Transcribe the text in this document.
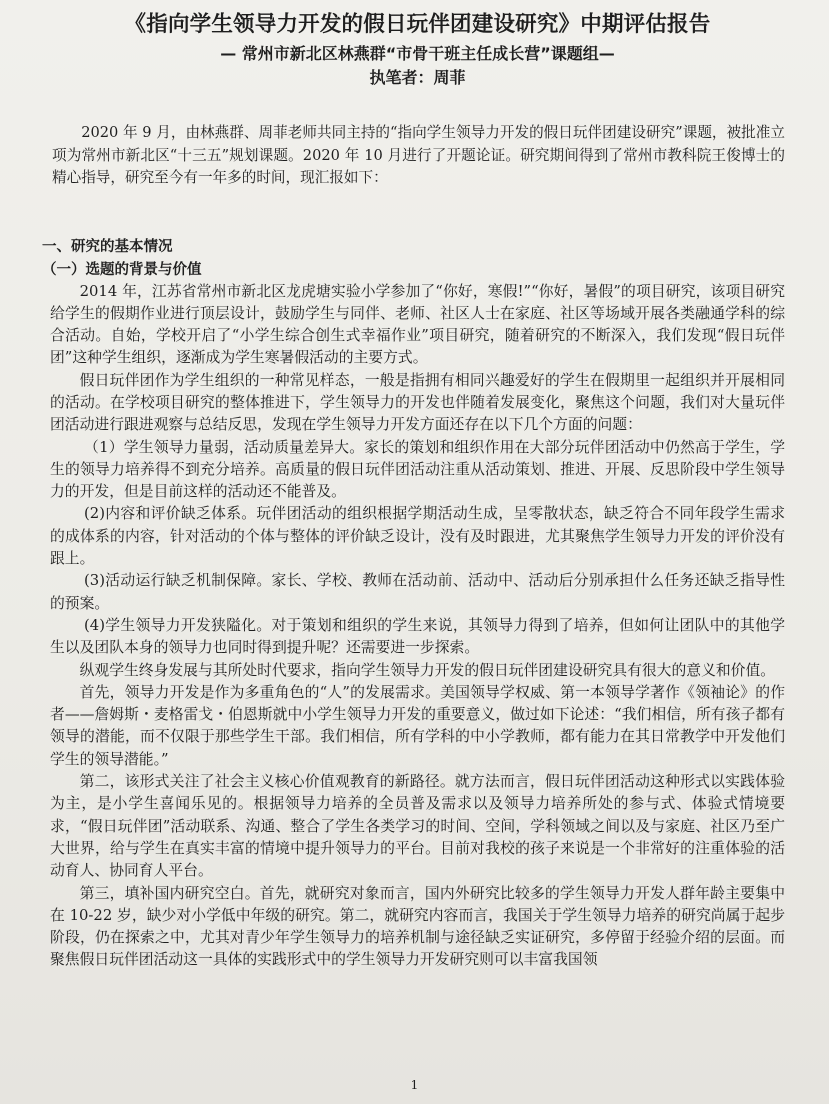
《指向学生领导力开发的假日玩伴团建设研究》中期评估报告
— 常州市新北区林燕群“市骨干班主任成长营”课题组—
执笔者：周菲

2020 年 9 月，由林燕群、周菲老师共同主持的“指向学生领导力开发的假日玩伴团建设研究”课题，被批准立项为常州市新北区“十三五”规划课题。2020 年 10 月进行了开题论证。研究期间得到了常州市教科院王俊博士的精心指导，研究至今有一年多的时间，现汇报如下：

一、研究的基本情况
（一）选题的背景与价值

2014 年，江苏省常州市新北区龙虎塘实验小学参加了“你好，寒假!”“你好，暑假”的项目研究，该项目研究给学生的假期作业进行顶层设计，鼓励学生与同伴、老师、社区人士在家庭、社区等场域开展各类融通学科的综合活动。自始，学校开启了“小学生综合创生式幸福作业”项目研究，随着研究的不断深入，我们发现“假日玩伴团”这种学生组织，逐渐成为学生寒暑假活动的主要方式。

假日玩伴团作为学生组织的一种常见样态，一般是指拥有相同兴趣爱好的学生在假期里一起组织并开展相同的活动。在学校项目研究的整体推进下，学生领导力的开发也伴随着发展变化，聚焦这个问题，我们对大量玩伴团活动进行跟进观察与总结反思，发现在学生领导力开发方面还存在以下几个方面的问题：

（1）学生领导力量弱，活动质量差异大。家长的策划和组织作用在大部分玩伴团活动中仍然高于学生，学生的领导力培养得不到充分培养。高质量的假日玩伴团活动注重从活动策划、推进、开展、反思阶段中学生领导力的开发，但是目前这样的活动还不能普及。

(2)内容和评价缺乏体系。玩伴团活动的组织根据学期活动生成，呈零散状态，缺乏符合不同年段学生需求的成体系的内容，针对活动的个体与整体的评价缺乏设计，没有及时跟进，尤其聚焦学生领导力开发的评价没有跟上。

(3)活动运行缺乏机制保障。家长、学校、教师在活动前、活动中、活动后分别承担什么任务还缺乏指导性的预案。

(4)学生领导力开发狭隘化。对于策划和组织的学生来说，其领导力得到了培养，但如何让团队中的其他学生以及团队本身的领导力也同时得到提升呢？还需要进一步探索。

纵观学生终身发展与其所处时代要求，指向学生领导力开发的假日玩伴团建设研究具有很大的意义和价值。

首先，领导力开发是作为多重角色的“人”的发展需求。美国领导学权威、第一本领导学著作《领袖论》的作者——詹姆斯・麦格雷戈・伯恩斯就中小学生领导力开发的重要意义，做过如下论述：“我们相信，所有孩子都有领导的潜能，而不仅限于那些学生干部。我们相信，所有学科的中小学教师，都有能力在其日常教学中开发他们学生的领导潜能。”

第二，该形式关注了社会主义核心价值观教育的新路径。就方法而言，假日玩伴团活动这种形式以实践体验为主，是小学生喜闻乐见的。根据领导力培养的全员普及需求以及领导力培养所处的参与式、体验式情境要求，“假日玩伴团”活动联系、沟通、整合了学生各类学习的时间、空间，学科领域之间以及与家庭、社区乃至广大世界，给与学生在真实丰富的情境中提升领导力的平台。目前对我校的孩子来说是一个非常好的注重体验的活动育人、协同育人平台。

第三，填补国内研究空白。首先，就研究对象而言，国内外研究比较多的学生领导力开发人群年龄主要集中在 10-22 岁，缺少对小学低中年级的研究。第二，就研究内容而言，我国关于学生领导力培养的研究尚属于起步阶段，仍在探索之中，尤其对青少年学生领导力的培养机制与途径缺乏实证研究，多停留于经验介绍的层面。而聚焦假日玩伴团活动这一具体的实践形式中的学生领导力开发研究则可以丰富我国领

1
